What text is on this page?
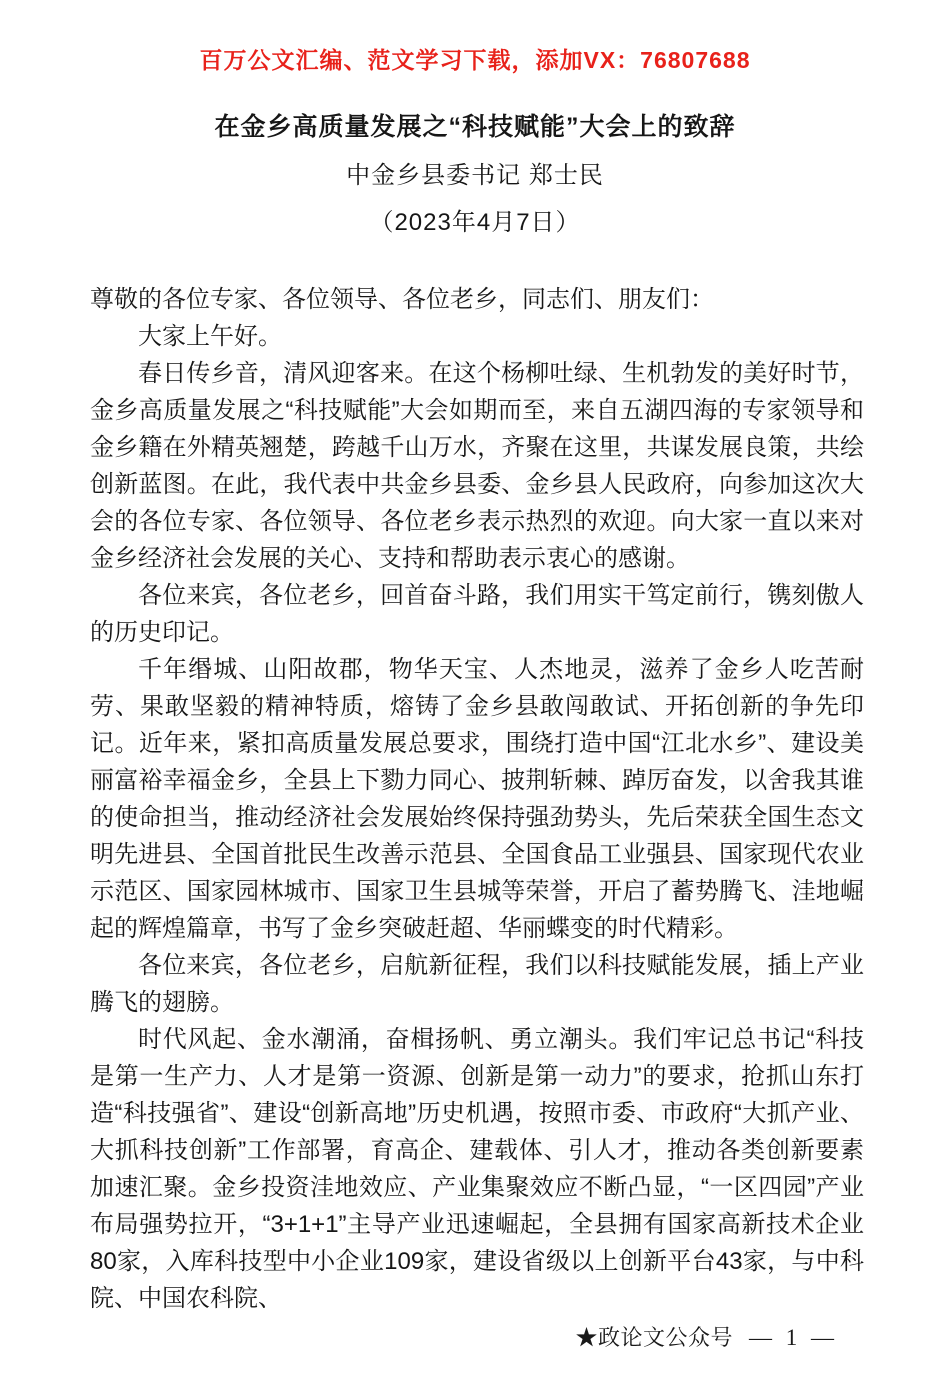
百万公文汇编、范文学习下载，添加VX：76807688
在金乡高质量发展之“科技赋能”大会上的致辞
中金乡县委书记 郑士民
（2023年4月7日）

尊敬的各位专家、各位领导、各位老乡，同志们、朋友们：

大家上午好。

春日传乡音，清风迎客来。在这个杨柳吐绿、生机勃发的美好时节，金乡高质量发展之“科技赋能”大会如期而至，来自五湖四海的专家领导和金乡籍在外精英翘楚，跨越千山万水，齐聚在这里，共谋发展良策，共绘创新蓝图。在此，我代表中共金乡县委、金乡县人民政府，向参加这次大会的各位专家、各位领导、各位老乡表示热烈的欢迎。向大家一直以来对金乡经济社会发展的关心、支持和帮助表示衷心的感谢。

各位来宾，各位老乡，回首奋斗路，我们用实干笃定前行，镌刻傲人的历史印记。

千年缗城、山阳故郡，物华天宝、人杰地灵，滋养了金乡人吃苦耐劳、果敢坚毅的精神特质，熔铸了金乡县敢闯敢试、开拓创新的争先印记。近年来，紧扣高质量发展总要求，围绕打造中国“江北水乡”、建设美丽富裕幸福金乡，全县上下勠力同心、披荆斩棘、踔厉奋发，以舍我其谁的使命担当，推动经济社会发展始终保持强劲势头，先后荣获全国生态文明先进县、全国首批民生改善示范县、全国食品工业强县、国家现代农业示范区、国家园林城市、国家卫生县城等荣誉，开启了蓄势腾飞、洼地崛起的辉煌篇章，书写了金乡突破赶超、华丽蝶变的时代精彩。

各位来宾，各位老乡，启航新征程，我们以科技赋能发展，插上产业腾飞的翅膀。

时代风起、金水潮涌，奋楫扬帆、勇立潮头。我们牢记总书记“科技是第一生产力、人才是第一资源、创新是第一动力”的要求，抢抓山东打造“科技强省”、建设“创新高地”历史机遇，按照市委、市政府“大抓产业、大抓科技创新”工作部署，育高企、建载体、引人才，推动各类创新要素加速汇聚。金乡投资洼地效应、产业集聚效应不断凸显，“一区四园”产业布局强势拉开，“3+1+1”主导产业迅速崛起，全县拥有国家高新技术企业80家，入库科技型中小企业109家，建设省级以上创新平台43家，与中科院、中国农科院、

★政论文公众号 — 1 —
